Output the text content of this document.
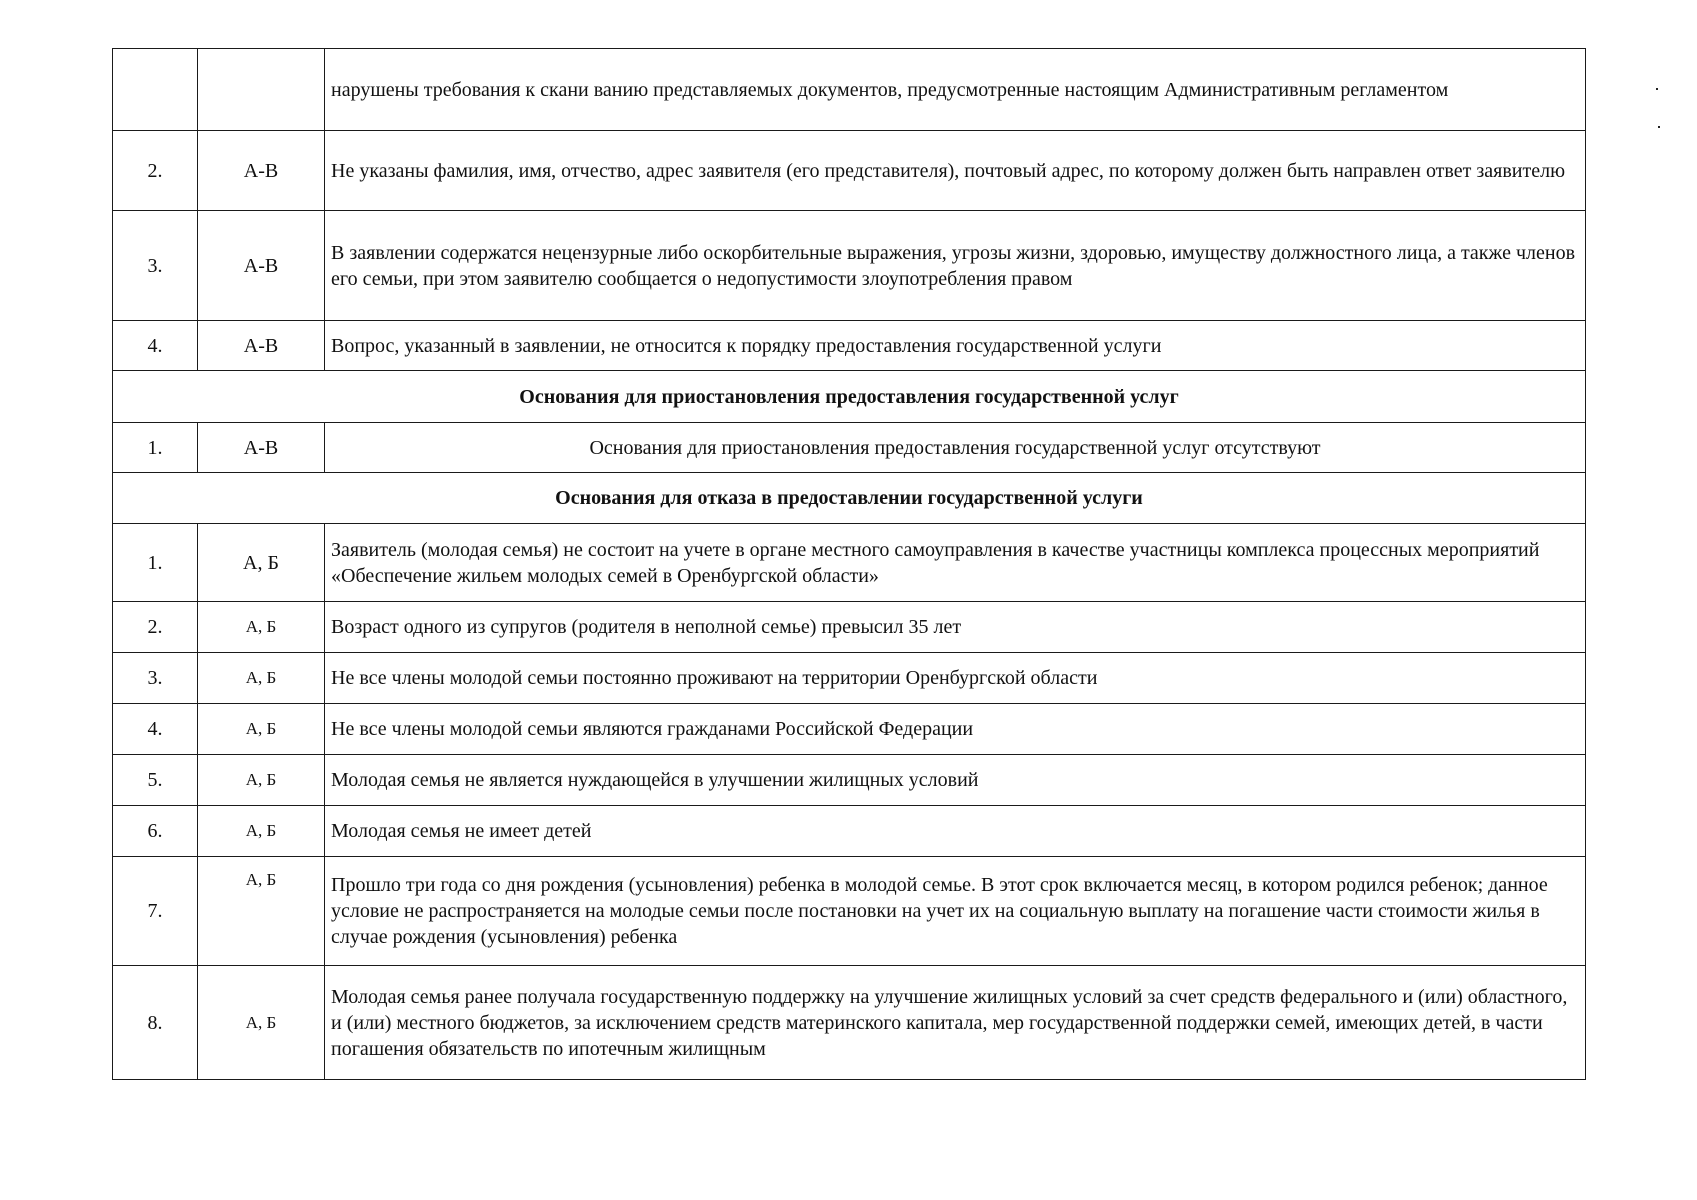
		нарушены требования к скани ванию представляемых документов, предусмотренные настоящим Административным регламентом
2.	А-В	Не указаны фамилия, имя, отчество, адрес заявителя (его представителя), почтовый адрес, по которому должен быть направлен ответ заявителю
3.	А-В	В заявлении содержатся нецензурные либо оскорбительные выражения, угрозы жизни, здоровью, имуществу должностного лица, а также членов его семьи, при этом заявителю сообщается о недопустимости злоупотребления правом
4.	А-В	Вопрос, указанный в заявлении, не относится к порядку предоставления государственной услуги
Основания для приостановления предоставления государственной услуг		
1.	А-В	Основания для приостановления предоставления государственной услуг отсутствуют
Основания для отказа в предоставлении государственной услуги		
1.	А, Б	Заявитель (молодая семья) не состоит на учете в органе местного самоуправления в качестве участницы комплекса процессных мероприятий «Обеспечение жильем молодых семей в Оренбургской области»
2.	А, Б	Возраст одного из супругов (родителя в неполной семье) превысил 35 лет
3.	А, Б	Не все члены молодой семьи постоянно проживают на территории Оренбургской области
4.	А, Б	Не все члены молодой семьи являются гражданами Российской Федерации
5.	А, Б	Молодая семья не является нуждающейся в улучшении жилищных условий
6.	А, Б	Молодая семья не имеет детей
7.	А, Б	Прошло три года со дня рождения (усыновления) ребенка в молодой семье. В этот срок включается месяц, в котором родился ребенок; данное условие не распространяется на молодые семьи после постановки на учет их на социальную выплату на погашение части стоимости жилья в случае рождения (усыновления) ребенка
8.	А, Б	Молодая семья ранее получала государственную поддержку на улучшение жилищных условий за счет средств федерального и (или) областного, и (или) местного бюджетов, за исключением средств материнского капитала, мер государственной поддержки семей, имеющих детей, в части погашения обязательств по ипотечным жилищным
